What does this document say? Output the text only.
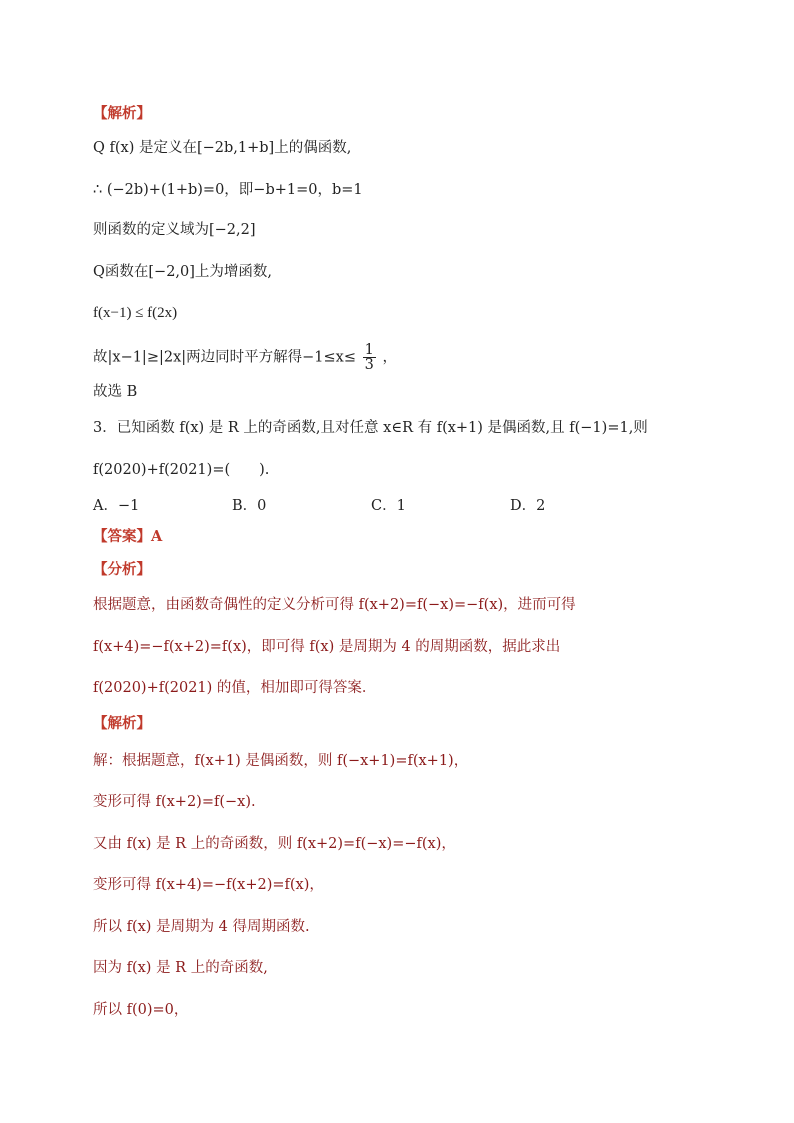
【解析】
Q f(x) 是定义在[−2b,1+b]上的偶函数,
∴ (−2b)+(1+b)=0，即−b+1=0，b=1
则函数的定义域为[−2,2]
Q函数在[−2,0]上为增函数,
f(x−1) ≤ f(2x)
故|x−1|≥|2x|两边同时平方解得$-1\le x\le \frac{1}{3}$ ，
故选 B
3．已知函数 f(x) 是 R 上的奇函数,且对任意 x∈R 有 f(x+1) 是偶函数,且 f(−1)=1,则
f(2020)+f(2021)=(　　).
A．−1	B．0	C．1	D．2
【答案】A
【分析】
根据题意，由函数奇偶性的定义分析可得 f(x+2)=f(−x)=−f(x)，进而可得
f(x+4)=−f(x+2)=f(x)，即可得 f(x) 是周期为 4 的周期函数，据此求出
f(2020)+f(2021) 的值，相加即可得答案．
【解析】
解：根据题意，f(x+1) 是偶函数，则 f(−x+1)=f(x+1)，
变形可得 f(x+2)=f(−x).
又由 f(x) 是 R 上的奇函数，则 f(x+2)=f(−x)=−f(x)，
变形可得 f(x+4)=−f(x+2)=f(x)，
所以 f(x) 是周期为 4 得周期函数.
因为 f(x) 是 R 上的奇函数,
所以 f(0)=0，
